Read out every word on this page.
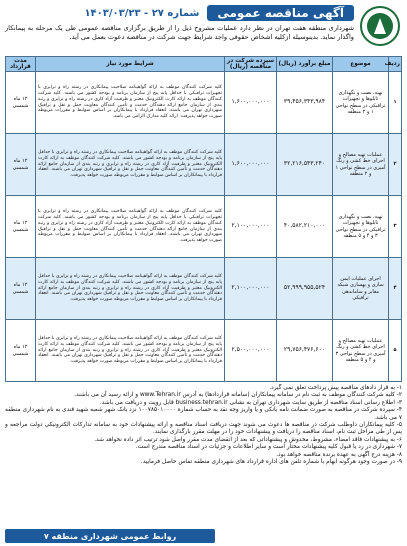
آگهی مناقصه عمومی
شماره ۲۷ - ۱۴۰۳/۰۳/۲۳
شهرداری منطقه هفت تهران در نظر دارد عملیات مشروح ذیل را از طریق برگزاری مناقصه عمومی طی یک مرحله به پیمانکار واگذار نماید. بدینوسیله ازکلیه اشخاص حقوقی واجد شرایط جهت شرکت در مناقصه دعوت بعمل می آید.
ردیف	موضوع	مبلغ برآورد (ریال)	سپرده شرکت در مناقصه (ریال)	شرایط مورد نیاز	مدت قرارداد
۱	تهیه، نصب و نگهداری تابلوها و تجهیزات ترافیکی در سطح نواحی ۱ و ۲ منطقه	۳۹,۴۵۶,۳۴۳,۹۸۴	۱,۶۰۰,۰۰۰,۰۰۰	کلیه شرکت کنندگان موظف به ارائه گواهینامه صلاحیت پیمانکاری در رشته راه و ترابری با تجهیزات ترافیکی با حداقل پایه پنج از سازمان برنامه و بودجه کشور می باشند. کلیه شرکت کنندگان موظف به ارائه کارت الکترونیک معتبر و ظرفیت آزاد کاری در رشته راه و ترابری و رتبه بندی از سازمان جامع ارائه دهندگان خدمت و تأمین کنندگان معاونت حمل و نقل و ترافیک شهرداری تهران می باشند. انعقاد قرارداد با پیمانکاران بر اساس ضوابط و مقررات مربوطه صورت خواهد پذیرفت. ارائه کلیه مدارک الزامی می باشد.	۱۲ ماه شمسی
۲	عملیات تهیه مصالح و اجرای خط کشی و رنگ آمیزی در سطح نواحی ۱ و ۲ منطقه	۳۲,۲۱۶,۵۴۳,۲۴۰	۱,۶۰۰,۰۰۰,۰۰۰	کلیه شرکت کنندگان موظف به ارائه گواهینامه صلاحیت پیمانکاری در رشته راه و ترابری با حداقل پایه پنج از سازمان برنامه و بودجه کشور می باشند. کلیه شرکت کنندگان موظف به ارائه کارت الکترونیک معتبر و ظرفیت آزاد کاری در رشته راه و ترابری و رتبه بندی از سازمان جامع ارائه دهندگان خدمت و تأمین کنندگان معاونت حمل و نقل و ترافیک شهرداری تهران می باشند. انعقاد قرارداد با پیمانکاران بر اساس ضوابط و مقررات مربوطه صورت خواهد پذیرفت.	۱۲ ماه شمسی
۳	تهیه، نصب و نگهداری تابلوها و تجهیزات ترافیکی در سطح نواحی ۳ و ۴ و ۵ منطقه	۴۰,۵۸۲,۲۱۰,۰۰۰	۲,۱۰۰,۰۰۰,۰۰۰	کلیه شرکت کنندگان موظف به ارائه گواهینامه صلاحیت پیمانکاری در رشته راه و ترابری با تجهیزات ترافیکی با حداقل پایه پنج از سازمان برنامه و بودجه کشور می باشند. کلیه شرکت کنندگان موظف به ارائه کارت الکترونیک معتبر و ظرفیت آزاد کاری در رشته راه و ترابری و رتبه بندی از سازمان جامع ارائه دهندگان خدمت و تأمین کنندگان معاونت حمل و نقل و ترافیک شهرداری تهران می باشند. انعقاد قرارداد با پیمانکاران بر اساس ضوابط و مقررات مربوطه صورت خواهد پذیرفت.	۱۲ ماه شمسی
۴	اجرای عملیات ایمن سازی و بهسازی شبکه معابر و ساماندهی ترافیکی	۵۲,۹۹۹,۹۵۵,۵۲۴	۲,۱۰۰,۰۰۰,۰۰۰	کلیه شرکت کنندگان موظف به ارائه گواهینامه صلاحیت پیمانکاری در رشته راه و ترابری با حداقل پایه پنج از سازمان برنامه و بودجه کشور می باشند. کلیه شرکت کنندگان موظف به ارائه کارت الکترونیک معتبر و ظرفیت آزاد کاری در رشته راه و ترابری و رتبه بندی از سازمان جامع ارائه دهندگان خدمت و تأمین کنندگان معاونت حمل و نقل و ترافیک شهرداری تهران می باشند. انعقاد قرارداد با پیمانکاران بر اساس ضوابط و مقررات مربوطه صورت خواهد پذیرفت.	۱۲ ماه شمسی
۵	عملیات تهیه مصالح و اجرای خط کشی و رنگ آمیزی در سطح نواحی ۳ و ۴ و ۵ منطقه	۲۹,۷۵۶,۴۷۶,۶۰۰	۲,۵۰۰,۰۰۰,۰۰۰	کلیه شرکت کنندگان موظف به ارائه گواهینامه صلاحیت پیمانکاری در رشته راه و ترابری با حداقل پایه پنج از سازمان برنامه و بودجه کشور می باشند. کلیه شرکت کنندگان موظف به ارائه کارت الکترونیک معتبر و ظرفیت آزاد کاری در رشته راه و ترابری و رتبه بندی از سازمان جامع ارائه دهندگان خدمت و تأمین کنندگان معاونت حمل و نقل و ترافیک شهرداری تهران می باشند. انعقاد قرارداد با پیمانکاران بر اساس ضوابط و مقررات مربوطه صورت خواهد پذیرفت.	۱۲ ماه شمسی

۱- به قرار دادهای مناقصه پیش پرداخت تعلق نمی گیرد.

۲- کلیه شرکت کنندگان موظف به ثبت نام در سامانه پیمانکاران (سامانه قراردادها) به آدرس www.Tehran.ir و ارائه رسید آن می باشند.

۳- اطلاع رسانی اسناد مناقصه از طریق سایت شهرداری تهران به نشانی business.tehran.ir قابل رویت و دریافت می باشد.

۴- سپرده شرکت در مناقصه به صورت ضمانت نامه بانکی و یا واریز وجه نقد به حساب شماره ۱۰۰۷۸۵۰۱۰۰۰۰ نزد بانک شهر شعبه شهید قندی به نام شهرداری منطقه ۷ می باشد.

۵- کلیه پیمانکاران داوطلب شرکت در مناقصه ها دعوت می شوند جهت دریافت اسناد مناقصه و ارائه پیشنهادات خود به سامانه تدارکات الکترونیکی دولت مراجعه و پس از طی مراحل ثبت نام، اسناد مناقصه را دریافت و پیشنهادات خود را در مهلت مقرر بارگذاری نمایند.

۶- به پیشنهادات فاقد امضاء، مشروط، مخدوش و پیشنهاداتی که بعد از انقضای مدت مقرر واصل شود ترتیب اثر داده نخواهد شد.

۷- شهرداری در رد یا قبول کلیه پیشنهادات مختار است و سایر اطلاعات و جزئیات در اسناد مناقصه مندرج است.

۸- هزینه درج آگهی به عهده برنده مناقصه خواهد بود.

۹- در صورت وجود هرگونه ابهام با شماره تلفن های اداره قرارداد های شهرداری منطقه تماس حاصل فرمایید.

روابط عمومی شهرداری منطقه ۷
